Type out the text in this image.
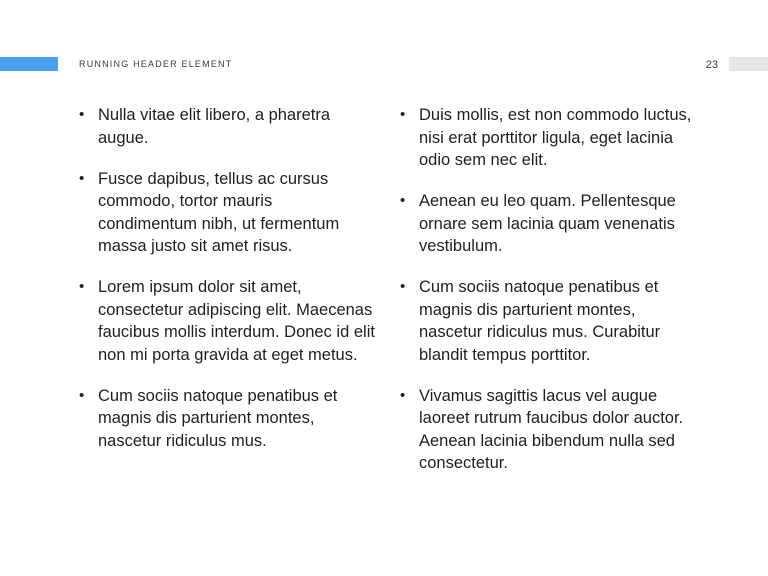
RUNNING HEADER ELEMENT	23
• Nulla vitae elit libero, a pharetra augue.
• Fusce dapibus, tellus ac cursus commodo, tortor mauris condimentum nibh, ut fermentum massa justo sit amet risus.
• Lorem ipsum dolor sit amet, consectetur adipiscing elit. Maecenas faucibus mollis interdum. Donec id elit non mi porta gravida at eget metus.
• Cum sociis natoque penatibus et magnis dis parturient montes, nascetur ridiculus mus.
• Duis mollis, est non commodo luctus, nisi erat porttitor ligula, eget lacinia odio sem nec elit.
• Aenean eu leo quam. Pellentesque ornare sem lacinia quam venenatis vestibulum.
• Cum sociis natoque penatibus et magnis dis parturient montes, nascetur ridiculus mus. Curabitur blandit tempus porttitor.
• Vivamus sagittis lacus vel augue laoreet rutrum faucibus dolor auctor. Aenean lacinia bibendum nulla sed consectetur.
